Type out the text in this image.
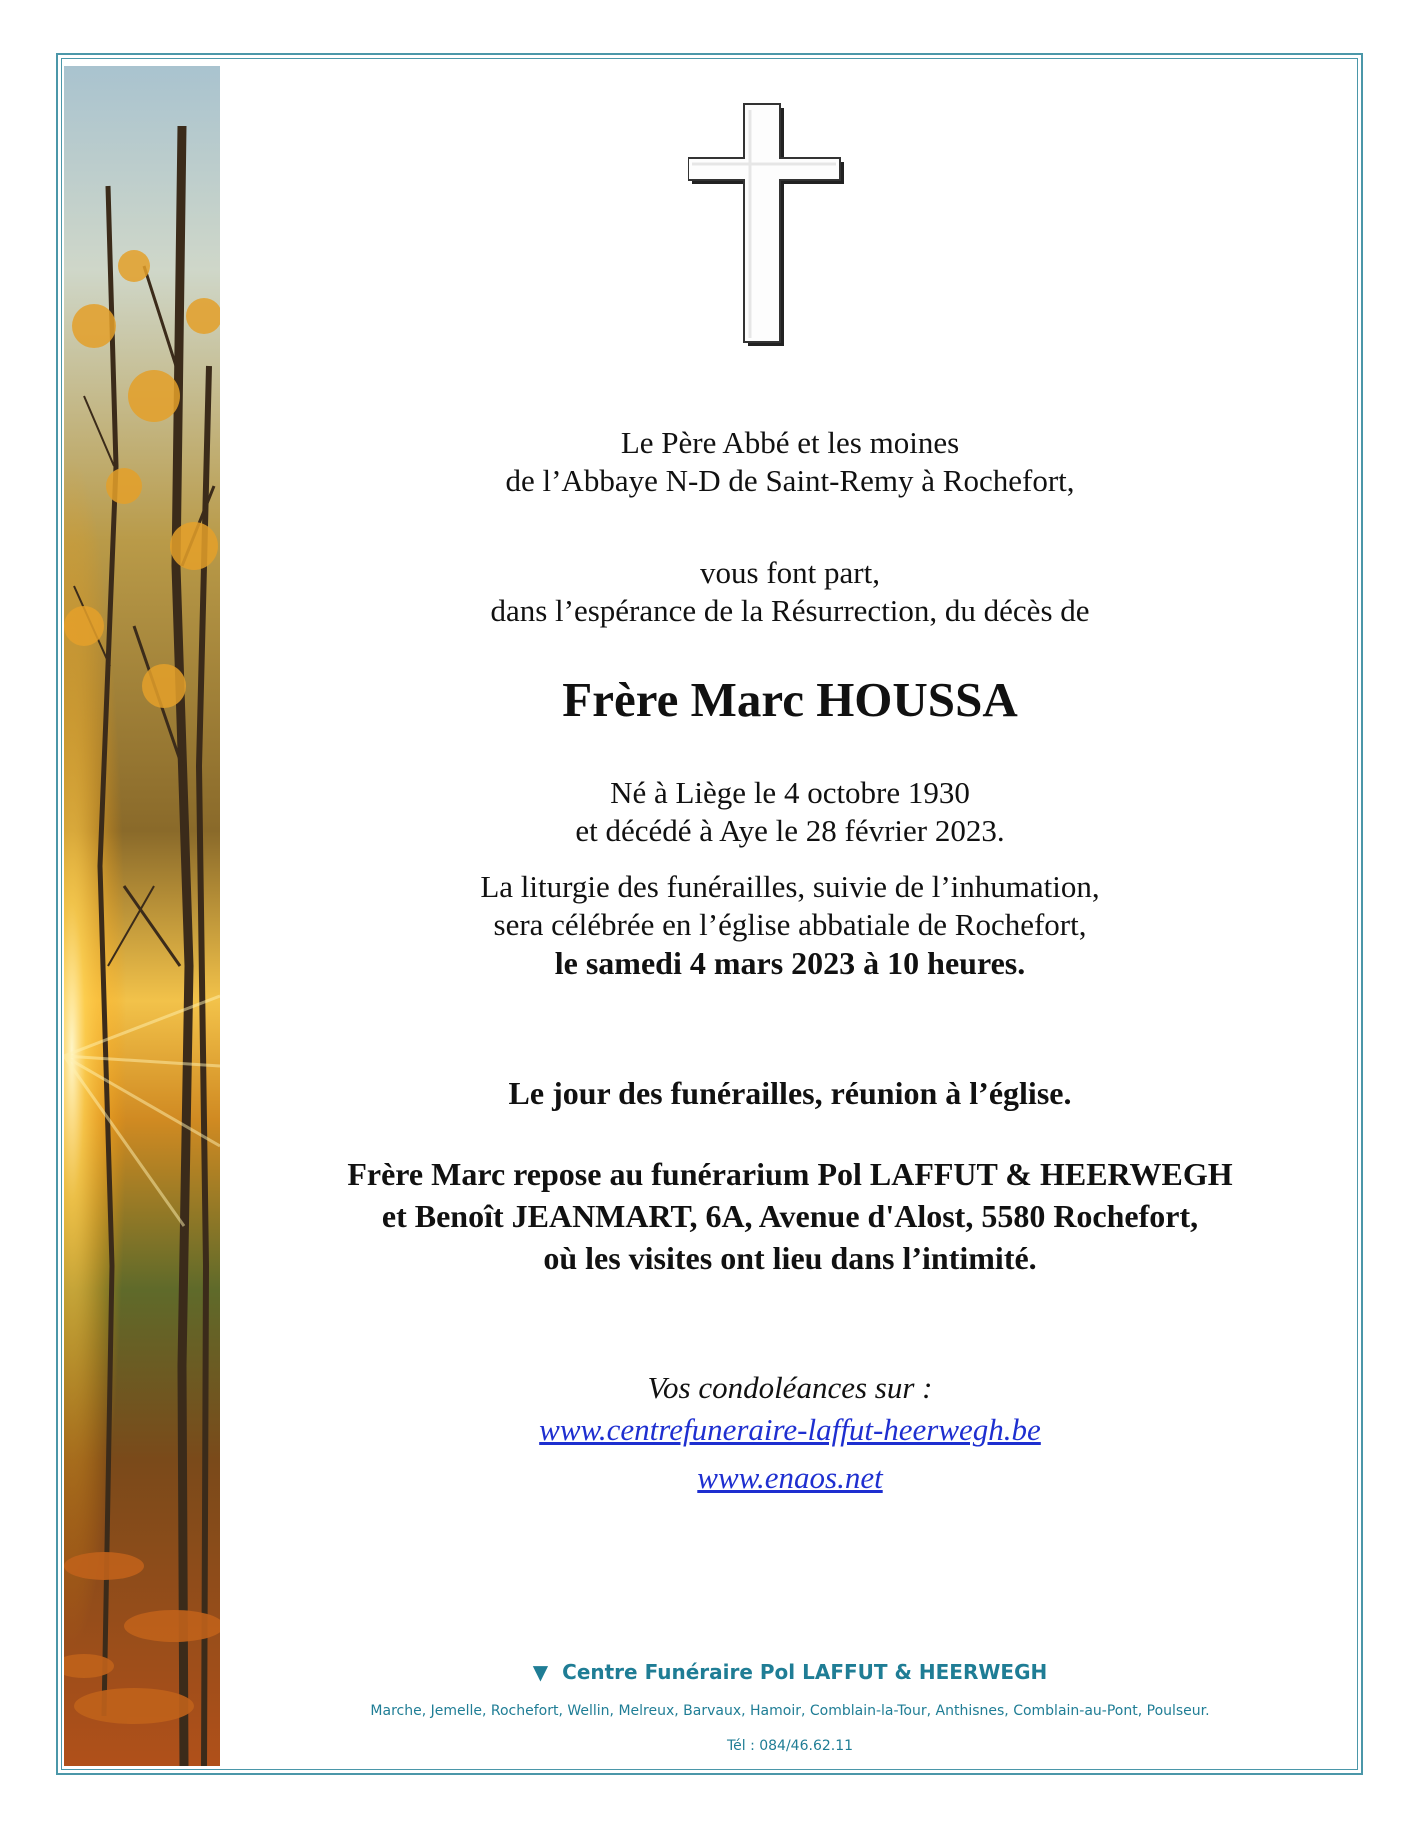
Le Père Abbé et les moines
de l’Abbaye N-D de Saint-Remy à Rochefort,
vous font part,
dans l’espérance de la Résurrection, du décès de
Frère Marc HOUSSA
Né à Liège le 4 octobre 1930
et décédé à Aye le 28 février 2023.
La liturgie des funérailles, suivie de l’inhumation,
sera célébrée en l’église abbatiale de Rochefort,
le samedi 4 mars 2023 à 10 heures.
Le jour des funérailles, réunion à l’église.
Frère Marc repose au funérarium Pol LAFFUT & HEERWEGH
et Benoît JEANMART, 6A, Avenue d'Alost, 5580 Rochefort,
où les visites ont lieu dans l’intimité.
Vos condoléances sur :
www.centrefuneraire-laffut-heerwegh.be
www.enaos.net
▼ Centre Funéraire Pol LAFFUT & HEERWEGH
Marche, Jemelle, Rochefort, Wellin, Melreux, Barvaux, Hamoir, Comblain-la-Tour, Anthisnes, Comblain-au-Pont, Poulseur.
Tél : 084/46.62.11
